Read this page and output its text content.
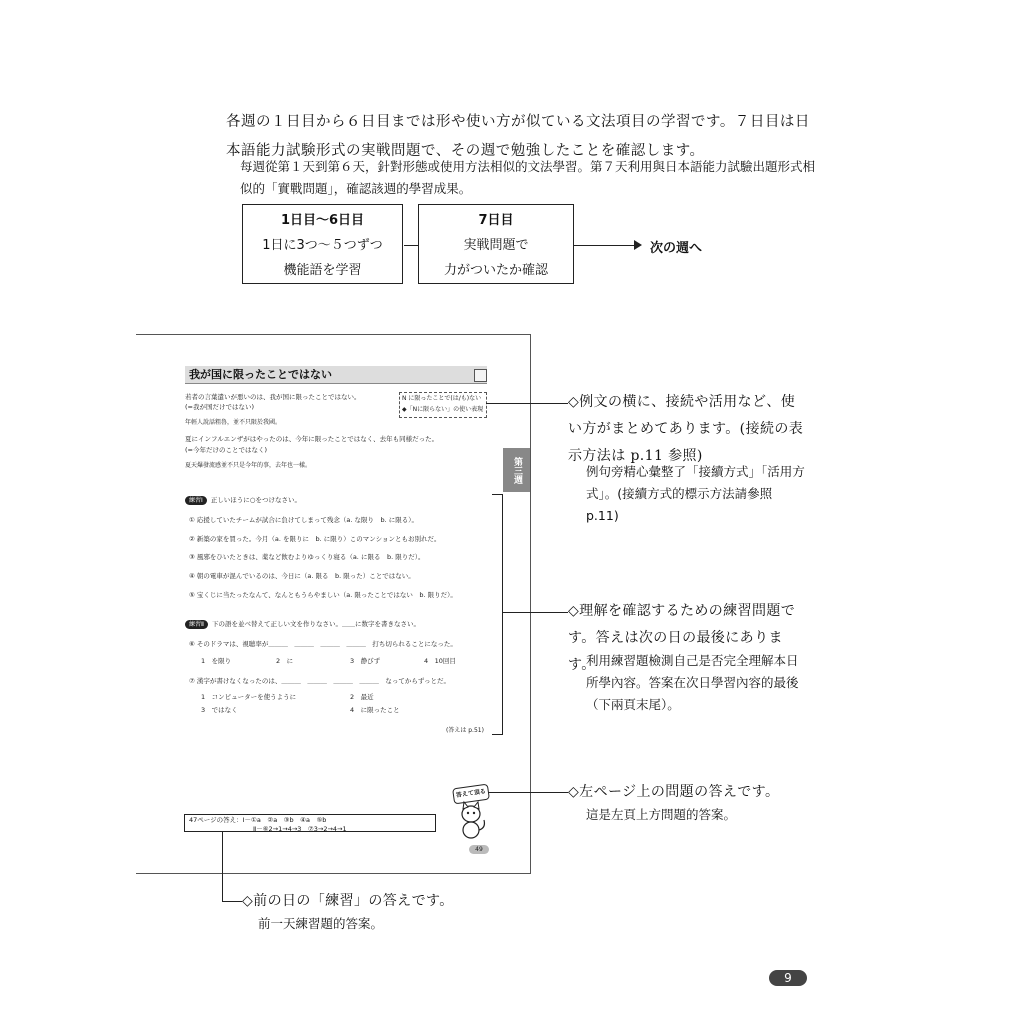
各週の１日目から６日目までは形や使い方が似ている文法項目の学習です。７日目は日本語能力試験形式の実戦問題で、その週で勉強したことを確認します。
每週從第１天到第６天，針對形態或使用方法相似的文法學習。第７天利用與日本語能力試驗出題形式相似的「實戰問題」，確認該週的學習成果。
1日目〜6日目
1日に3つ〜５つずつ
機能語を学習
7日目
実戦問題で
力がついたか確認
次の週へ
我が国に限ったことではない
若者の言葉遣いが悪いのは、我が国に限ったことではない。
(=我が国だけではない)
年輕人說話粗魯，並不只限於我國。
N に限ったことで(は/も)ない
◆「Nに限らない」の使い表現
夏にインフルエンザがはやったのは、今年に限ったことではなく、去年も同様だった。
(=今年だけのことではなく)
夏天爆發流感並不只是今年的事，去年也一樣。	第三週
練習Ⅰ 正しいほうに○をつけなさい。
① 応援していたチームが試合に負けてしまって残念（a. な限り　b. に限る）。
② 新築の家を買った。今月（a. を限りに　b. に限り）このマンションともお別れだ。
③ 風邪をひいたときは、薬など飲むよりゆっくり寝る（a. に限る　b. 限りだ）。
④ 朝の電車が混んでいるのは、今日に（a. 限る　b. 限った）ことではない。
⑤ 宝くじに当たったなんて、なんともうらやましい（a. 限ったことではない　b. 限りだ）。
練習Ⅱ 下の語を並べ替えて正しい文を作りなさい。＿＿に数字を書きなさい。
⑥ そのドラマは、視聴率が＿＿＿　＿＿＿　＿＿＿　＿＿＿　打ち切られることになった。
1　を限り	2　に	3　静びず	4　10回目
⑦ 漢字が書けなくなったのは、＿＿＿　＿＿＿　＿＿＿　＿＿＿　なってからずっとだ。
1　コンピューターを使うように	2　最近
3　ではなく	4　に限ったこと
(答えは p.51)
答えて頂る
47ページの答え：Ⅰ－①a　②a　③b　④a　⑤b
Ⅱ－⑥2→1→4→3　⑦3→2→4→1
49
◇例文の横に、接続や活用など、使い方がまとめてあります。(接続の表示方法は p.11 参照)
例句旁精心彙整了「接續方式」「活用方式」。(接續方式的標示方法請參照 p.11)
◇理解を確認するための練習問題です。答えは次の日の最後にあります。
利用練習題檢測自己是否完全理解本日所學內容。答案在次日學習內容的最後（下兩頁末尾）。
◇左ページ上の問題の答えです。
這是左頁上方問題的答案。
◇前の日の「練習」の答えです。
前一天練習題的答案。
9
